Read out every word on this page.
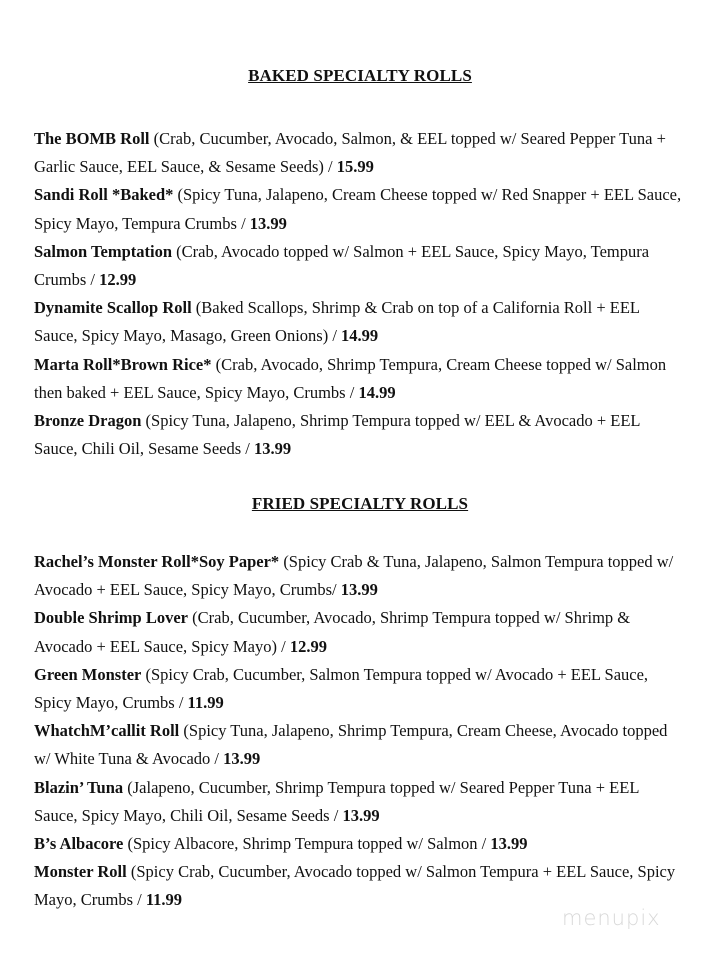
BAKED SPECIALTY ROLLS

The BOMB Roll (Crab, Cucumber, Avocado, Salmon, & EEL topped w/ Seared Pepper Tuna + Garlic Sauce, EEL Sauce, & Sesame Seeds) / 15.99

Sandi Roll *Baked* (Spicy Tuna, Jalapeno, Cream Cheese topped w/ Red Snapper + EEL Sauce, Spicy Mayo, Tempura Crumbs / 13.99

Salmon Temptation (Crab, Avocado topped w/ Salmon + EEL Sauce, Spicy Mayo, Tempura Crumbs / 12.99

Dynamite Scallop Roll (Baked Scallops, Shrimp & Crab on top of a California Roll + EEL Sauce, Spicy Mayo, Masago, Green Onions) / 14.99

Marta Roll*Brown Rice* (Crab, Avocado, Shrimp Tempura, Cream Cheese topped w/ Salmon then baked + EEL Sauce, Spicy Mayo, Crumbs / 14.99

Bronze Dragon (Spicy Tuna, Jalapeno, Shrimp Tempura topped w/ EEL & Avocado + EEL Sauce, Chili Oil, Sesame Seeds / 13.99

FRIED SPECIALTY ROLLS

Rachel’s Monster Roll*Soy Paper* (Spicy Crab & Tuna, Jalapeno, Salmon Tempura topped w/ Avocado + EEL Sauce, Spicy Mayo, Crumbs/ 13.99

Double Shrimp Lover (Crab, Cucumber, Avocado, Shrimp Tempura topped w/ Shrimp & Avocado + EEL Sauce, Spicy Mayo) / 12.99

Green Monster (Spicy Crab, Cucumber, Salmon Tempura topped w/ Avocado + EEL Sauce, Spicy Mayo, Crumbs / 11.99

WhatchM’callit Roll (Spicy Tuna, Jalapeno, Shrimp Tempura, Cream Cheese, Avocado topped w/ White Tuna & Avocado / 13.99

Blazin’ Tuna (Jalapeno, Cucumber, Shrimp Tempura topped w/ Seared Pepper Tuna + EEL Sauce, Spicy Mayo, Chili Oil, Sesame Seeds / 13.99

B’s Albacore (Spicy Albacore, Shrimp Tempura topped w/ Salmon / 13.99

Monster Roll (Spicy Crab, Cucumber, Avocado topped w/ Salmon Tempura + EEL Sauce, Spicy Mayo, Crumbs / 11.99

menupix
